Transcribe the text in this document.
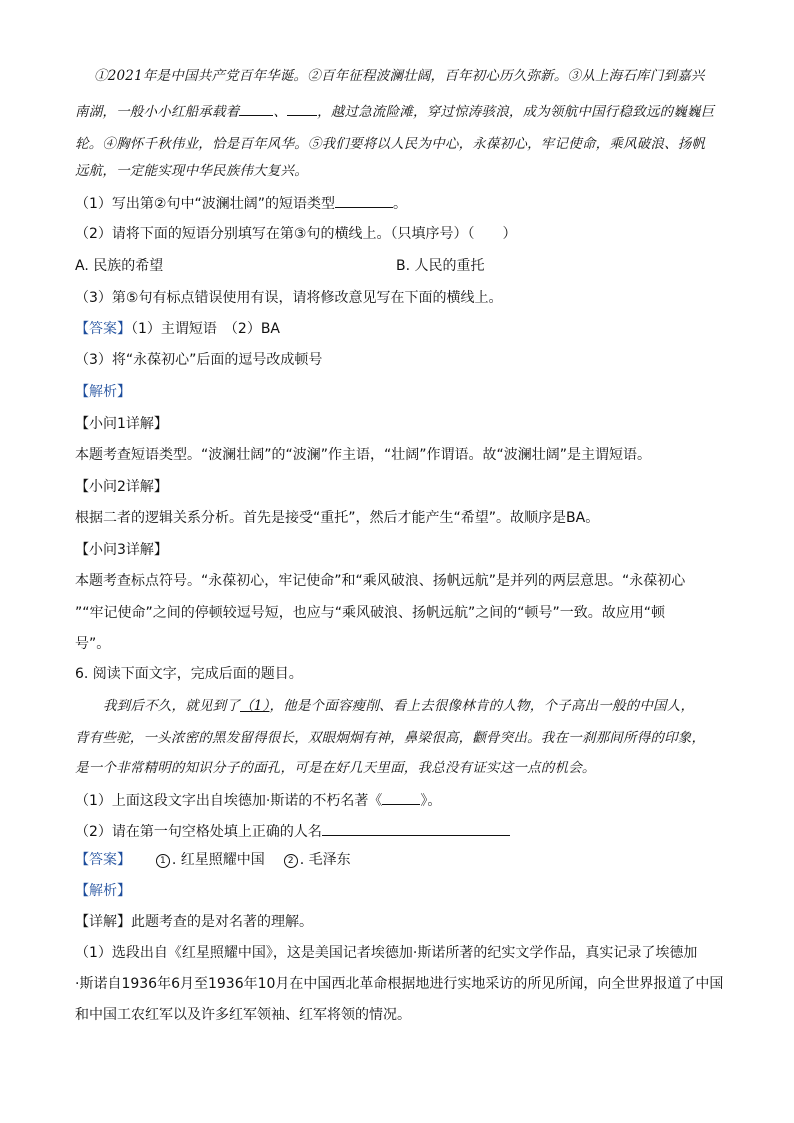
①2021年是中国共产党百年华诞。②百年征程波澜壮阔，百年初心历久弥新。③从上海石库门到嘉兴
南湖，一般小小红船承载着	、 ，越过急流险滩，穿过惊涛骇浪，成为领航中国行稳致远的巍巍巨
轮。④胸怀千秋伟业，恰是百年风华。⑤我们要将以人民为中心，永葆初心，牢记使命，乘风破浪、扬帆
远航，一定能实现中华民族伟大复兴。
（1）写出第②句中“波澜壮阔”的短语类型	。
（2）请将下面的短语分别填写在第③句的横线上。（只填序号）（　　）
A. 民族的希望	B. 人民的重托
（3）第⑤句有标点错误使用有误，请将修改意见写在下面的横线上。
【答案】（1）主谓短语　（2）BA
（3）将“永葆初心”后面的逗号改成顿号
【解析】
【小问1详解】
本题考查短语类型。“波澜壮阔”的“波澜”作主语，“壮阔”作谓语。故“波澜壮阔”是主谓短语。
【小问2详解】
根据二者的逻辑关系分析。首先是接受“重托”，然后才能产生“希望”。故顺序是BA。
【小问3详解】
本题考查标点符号。“永葆初心，牢记使命”和“乘风破浪、扬帆远航”是并列的两层意思。“永葆初心
”“牢记使命”之间的停顿较逗号短，也应与“乘风破浪、扬帆远航”之间的“顿号”一致。故应用“顿
号”。
6. 阅读下面文字，完成后面的题目。
我到后不久，就见到了（1），他是个面容瘦削、看上去很像林肯的人物，个子高出一般的中国人，
背有些驼，一头浓密的黑发留得很长，双眼炯炯有神，鼻梁很高，颧骨突出。我在一刹那间所得的印象，
是一个非常精明的知识分子的面孔，可是在好几天里面，我总没有证实这一点的机会。
（1）上面这段文字出自埃德加·斯诺的不朽名著《	》。
（2）请在第一句空格处填上正确的人名
【答案】	1 . 红星照耀中国	2 . 毛泽东
【解析】
【详解】此题考查的是对名著的理解。
（1）选段出自《红星照耀中国》，这是美国记者埃德加·斯诺所著的纪实文学作品，真实记录了埃德加
·斯诺自1936年6月至1936年10月在中国西北革命根据地进行实地采访的所见所闻，向全世界报道了中国
和中国工农红军以及许多红军领袖、红军将领的情况。
